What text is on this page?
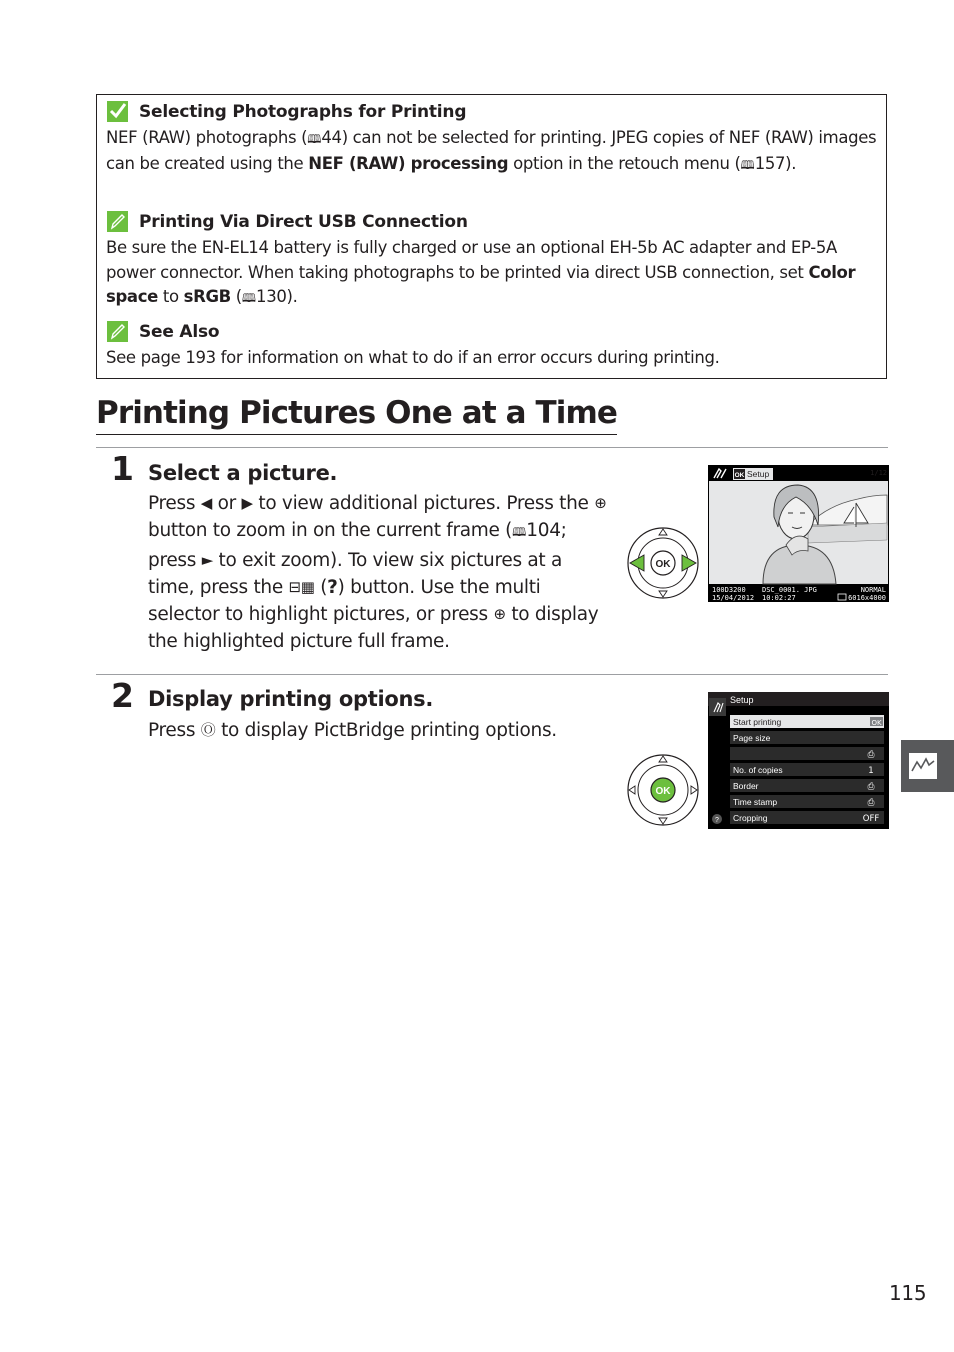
Selecting Photographs for Printing
NEF (RAW) photographs (🕮44) can not be selected for printing. JPEG copies of NEF (RAW) images can be created using the NEF (RAW) processing option in the retouch menu (🕮157).
Printing Via Direct USB Connection
Be sure the EN-EL14 battery is fully charged or use an optional EH-5b AC adapter and EP-5A power connector. When taking photographs to be printed via direct USB connection, set Color space to sRGB (🕮130).
See Also
See page 193 for information on what to do if an error occurs during printing.
Printing Pictures One at a Time
1 Select a picture.
Press ◀ or ▶ to view additional pictures. Press the ⊕ button to zoom in on the current frame (🕮104; press ► to exit zoom). To view six pictures at a time, press the ⊟▦ (?) button. Use the multi selector to highlight pictures, or press ⊕ to display the highlighted picture full frame.
OK
OK Setup	1/12
100D3200 DSC_0001. JPG	NORMAL
15/04/2012 10:02:27	6016x4000
2 Display printing options.
Press Ⓞ to display PictBridge printing options.
OK
Setup
?
Start printing	OK
Page size
⎙
No. of copies	1
Border	⎙
Time stamp	⎙
Cropping	OFF
115
